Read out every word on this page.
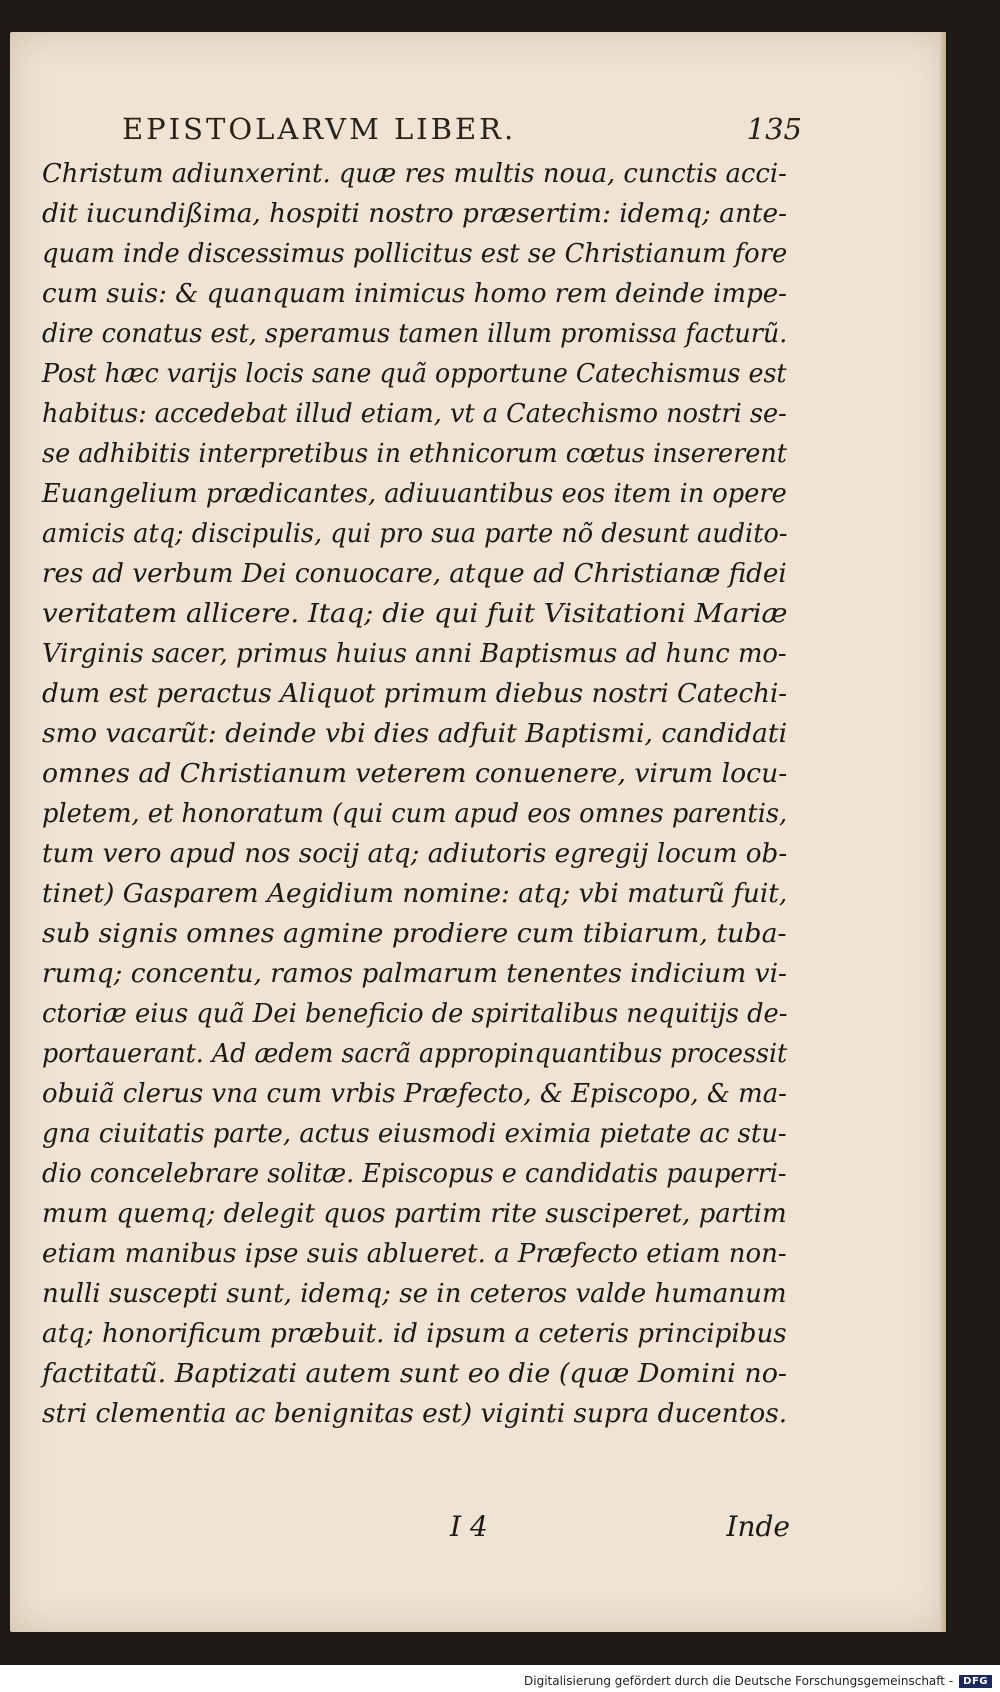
EPISTOLARVM LIBER.	135
Christum adiunxerint. quæ res multis noua, cunctis acci-
dit iucundißima, hospiti nostro præsertim: idemq; ante-
quam inde discessimus pollicitus est se Christianum fore
cum suis: & quanquam inimicus homo rem deinde impe-
dire conatus est, speramus tamen illum promissa facturũ.
Post hæc varijs locis sane quã opportune Catechismus est
habitus: accedebat illud etiam, vt a Catechismo nostri se-
se adhibitis interpretibus in ethnicorum cœtus insererent
Euangelium prædicantes, adiuuantibus eos item in opere
amicis atq; discipulis, qui pro sua parte nõ desunt audito-
res ad verbum Dei conuocare, atque ad Christianæ fidei
veritatem allicere. Itaq; die qui fuit Visitationi Mariæ
Virginis sacer, primus huius anni Baptismus ad hunc mo-
dum est peractus Aliquot primum diebus nostri Catechi-
smo vacarũt: deinde vbi dies adfuit Baptismi, candidati
omnes ad Christianum veterem conuenere, virum locu-
pletem, et honoratum (qui cum apud eos omnes parentis,
tum vero apud nos socij atq; adiutoris egregij locum ob-
tinet) Gasparem Aegidium nomine: atq; vbi maturũ fuit,
sub signis omnes agmine prodiere cum tibiarum, tuba-
rumq; concentu, ramos palmarum tenentes indicium vi-
ctoriæ eius quã Dei beneficio de spiritalibus nequitijs de-
portauerant. Ad ædem sacrã appropinquantibus processit
obuiã clerus vna cum vrbis Præfecto, & Episcopo, & ma-
gna ciuitatis parte, actus eiusmodi eximia pietate ac stu-
dio concelebrare solitæ. Episcopus e candidatis pauperri-
mum quemq; delegit quos partim rite susciperet, partim
etiam manibus ipse suis ablueret. a Præfecto etiam non-
nulli suscepti sunt, idemq; se in ceteros valde humanum
atq; honorificum præbuit. id ipsum a ceteris principibus
factitatũ. Baptizati autem sunt eo die (quæ Domini no-
stri clementia ac benignitas est) viginti supra ducentos.
I 4	Inde
Digitalisierung gefördert durch die Deutsche Forschungsgemeinschaft -	DFG
